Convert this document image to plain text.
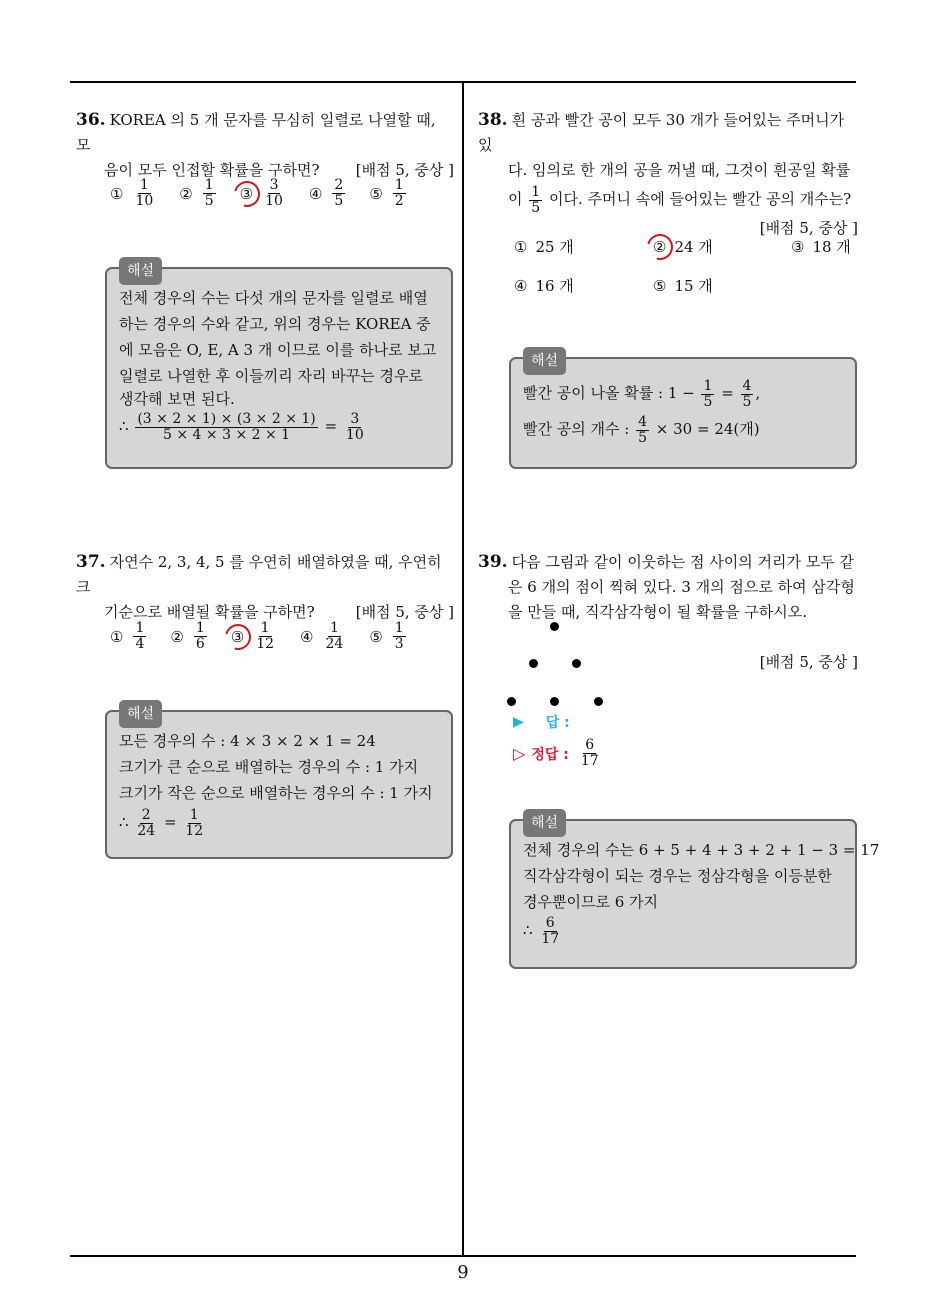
36. KOREA 의 5 개 문자를 무심히 일렬로 나열할 때, 모
음이 모두 인접할 확률을 구하면? [배점 5, 중상 ]
① $\frac{1}{10}$ ② $\frac{1}{5}$ ③ $\frac{3}{10}$ ④ $\frac{2}{5}$ ⑤ $\frac{1}{2}$
해설
전체 경우의 수는 다섯 개의 문자를 일렬로 배열
하는 경우의 수와 같고, 위의 경우는 KOREA 중
에 모음은 O, E, A 3 개 이므로 이를 하나로 보고
일렬로 나열한 후 이들끼리 자리 바꾸는 경우로
생각해 보면 된다.
∴ $\frac{(3 \times 2 \times 1) \times (3 \times 2 \times 1)}{5 \times 4 \times 3 \times 2 \times 1} = \frac{3}{10}$
37. 자연수 2, 3, 4, 5 를 우연히 배열하였을 때, 우연히 크
기순으로 배열될 확률을 구하면?	[배점 5, 중상 ]
① $\frac{1}{4}$ ② $\frac{1}{6}$ ③ $\frac{1}{12}$ ④ $\frac{1}{24}$ ⑤ $\frac{1}{3}$
해설
모든 경우의 수 : 4 × 3 × 2 × 1 = 24
크기가 큰 순으로 배열하는 경우의 수 : 1 가지
크기가 작은 순으로 배열하는 경우의 수 : 1 가지
∴ $\frac{2}{24} = \frac{1}{12}$
38. 흰 공과 빨간 공이 모두 30 개가 들어있는 주머니가 있
다. 임의로 한 개의 공을 꺼낼 때, 그것이 흰공일 확률
이 $\frac{1}{5}$ 이다. 주머니 속에 들어있는 빨간 공의 개수는?
[배점 5, 중상 ]
① 25 개	② 24 개	③ 18 개
④ 16 개	⑤ 15 개
해설
빨간 공이 나올 확률 : $1 - \frac{1}{5} = \frac{4}{5}$ ,
빨간 공의 개수 : $\frac{4}{5} \times 30 = 24$(개)
39. 다음 그림과 같이 이웃하는 점 사이의 거리가 모두 같
은 6 개의 점이 찍혀 있다. 3 개의 점으로 하여 삼각형
을 만들 때, 직각삼각형이 될 확률을 구하시오.
[배점 5, 중상 ]
▶ 답 :
▷ 정답 : $\frac{6}{17}$
해설
전체 경우의 수는 6 + 5 + 4 + 3 + 2 + 1 − 3 = 17
직각삼각형이 되는 경우는 정삼각형을 이등분한
경우뿐이므로 6 가지
∴ $\frac{6}{17}$
9
